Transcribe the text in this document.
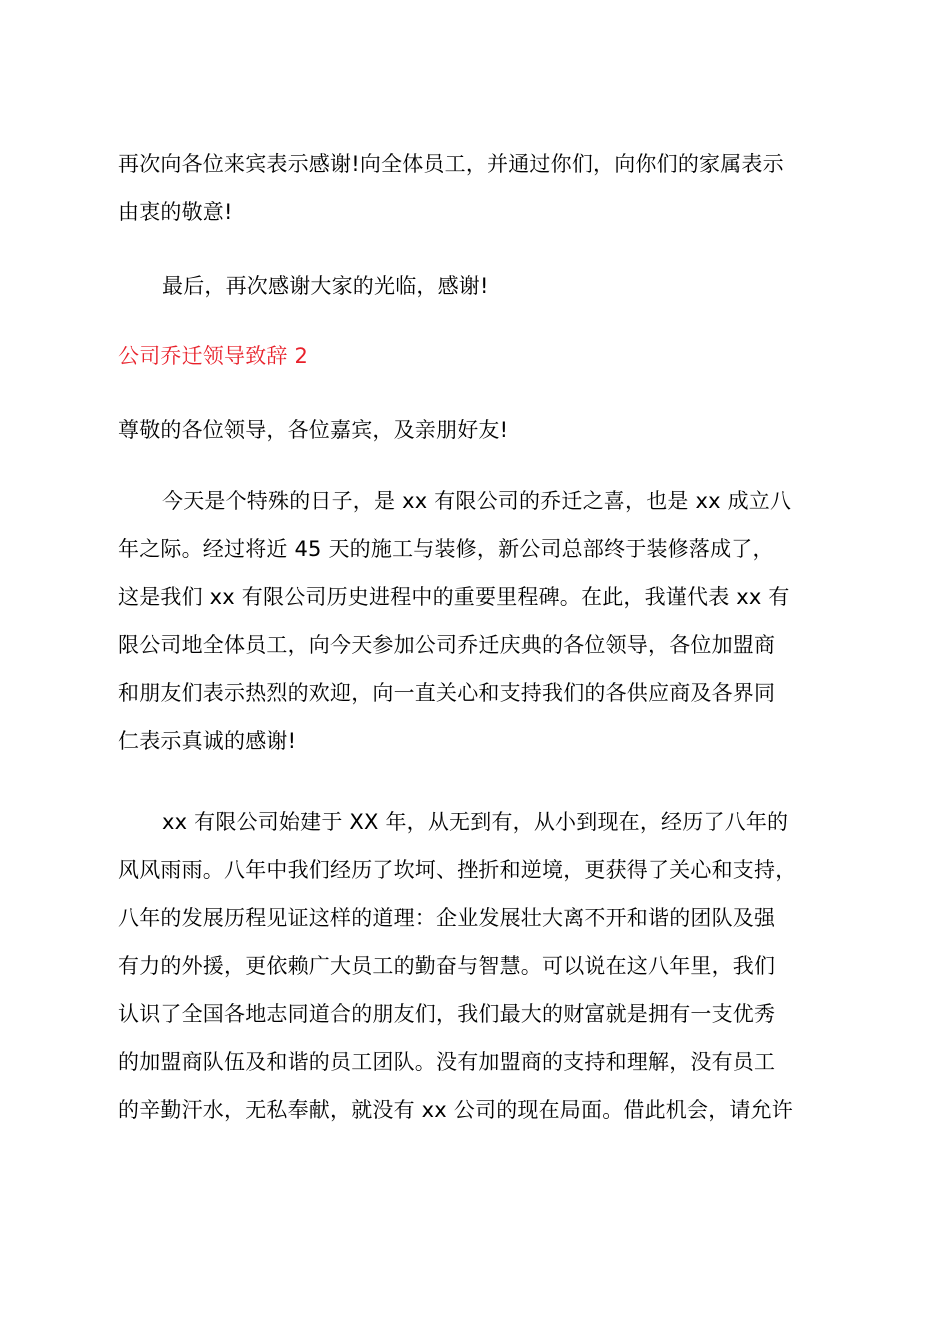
再次向各位来宾表示感谢!向全体员工，并通过你们，向你们的家属表示
由衷的敬意!

最后，再次感谢大家的光临，感谢!

公司乔迁领导致辞 2

尊敬的各位领导，各位嘉宾，及亲朋好友!

今天是个特殊的日子，是 xx 有限公司的乔迁之喜，也是 xx 成立八
年之际。经过将近 45 天的施工与装修，新公司总部终于装修落成了，
这是我们 xx 有限公司历史进程中的重要里程碑。在此，我谨代表 xx 有
限公司地全体员工，向今天参加公司乔迁庆典的各位领导，各位加盟商
和朋友们表示热烈的欢迎，向一直关心和支持我们的各供应商及各界同
仁表示真诚的感谢!

xx 有限公司始建于 XX 年，从无到有，从小到现在，经历了八年的
风风雨雨。八年中我们经历了坎坷、挫折和逆境，更获得了关心和支持，
八年的发展历程见证这样的道理：企业发展壮大离不开和谐的团队及强
有力的外援，更依赖广大员工的勤奋与智慧。可以说在这八年里，我们
认识了全国各地志同道合的朋友们，我们最大的财富就是拥有一支优秀
的加盟商队伍及和谐的员工团队。没有加盟商的支持和理解，没有员工
的辛勤汗水，无私奉献，就没有 xx 公司的现在局面。借此机会，请允许
